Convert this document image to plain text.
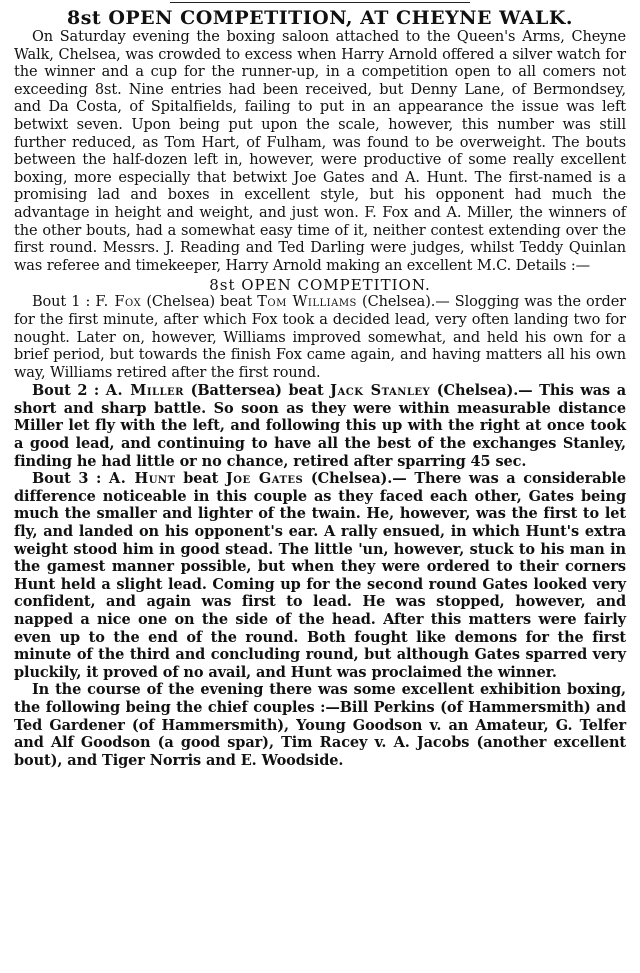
8st OPEN COMPETITION, AT CHEYNE WALK.

On Saturday evening the boxing saloon attached to the Queen's Arms, Cheyne Walk, Chelsea, was crowded to excess when Harry Arnold offered a silver watch for the winner and a cup for the runner-up, in a competition open to all comers not exceeding 8st. Nine entries had been received, but Denny Lane, of Bermondsey, and Da Costa, of Spitalfields, failing to put in an appearance the issue was left betwixt seven. Upon being put upon the scale, however, this number was still further reduced, as Tom Hart, of Fulham, was found to be overweight. The bouts between the half-dozen left in, however, were productive of some really excellent boxing, more especially that betwixt Joe Gates and A. Hunt. The first-named is a promising lad and boxes in excellent style, but his opponent had much the advantage in height and weight, and just won. F. Fox and A. Miller, the winners of the other bouts, had a somewhat easy time of it, neither contest extending over the first round. Messrs. J. Reading and Ted Darling were judges, whilst Teddy Quinlan was referee and timekeeper, Harry Arnold making an excellent M.C. Details :—

8st OPEN COMPETITION.

Bout 1 : F. Fox (Chelsea) beat Tom Williams (Chelsea).— Slogging was the order for the first minute, after which Fox took a decided lead, very often landing two for nought. Later on, however, Williams improved somewhat, and held his own for a brief period, but towards the finish Fox came again, and having matters all his own way, Williams retired after the first round.

Bout 2 : A. Miller (Battersea) beat Jack Stanley (Chelsea).— This was a short and sharp battle. So soon as they were within measurable distance Miller let fly with the left, and following this up with the right at once took a good lead, and continuing to have all the best of the exchanges Stanley, finding he had little or no chance, retired after sparring 45 sec.

Bout 3 : A. Hunt beat Joe Gates (Chelsea).— There was a considerable difference noticeable in this couple as they faced each other, Gates being much the smaller and lighter of the twain. He, however, was the first to let fly, and landed on his opponent's ear. A rally ensued, in which Hunt's extra weight stood him in good stead. The little 'un, however, stuck to his man in the gamest manner possible, but when they were ordered to their corners Hunt held a slight lead. Coming up for the second round Gates looked very confident, and again was first to lead. He was stopped, however, and napped a nice one on the side of the head. After this matters were fairly even up to the end of the round. Both fought like demons for the first minute of the third and concluding round, but although Gates sparred very pluckily, it proved of no avail, and Hunt was proclaimed the winner.

In the course of the evening there was some excellent exhibition boxing, the following being the chief couples :—Bill Perkins (of Hammersmith) and Ted Gardener (of Hammersmith), Young Goodson v. an Amateur, G. Telfer and Alf Goodson (a good spar), Tim Racey v. A. Jacobs (another excellent bout), and Tiger Norris and E. Woodside.
